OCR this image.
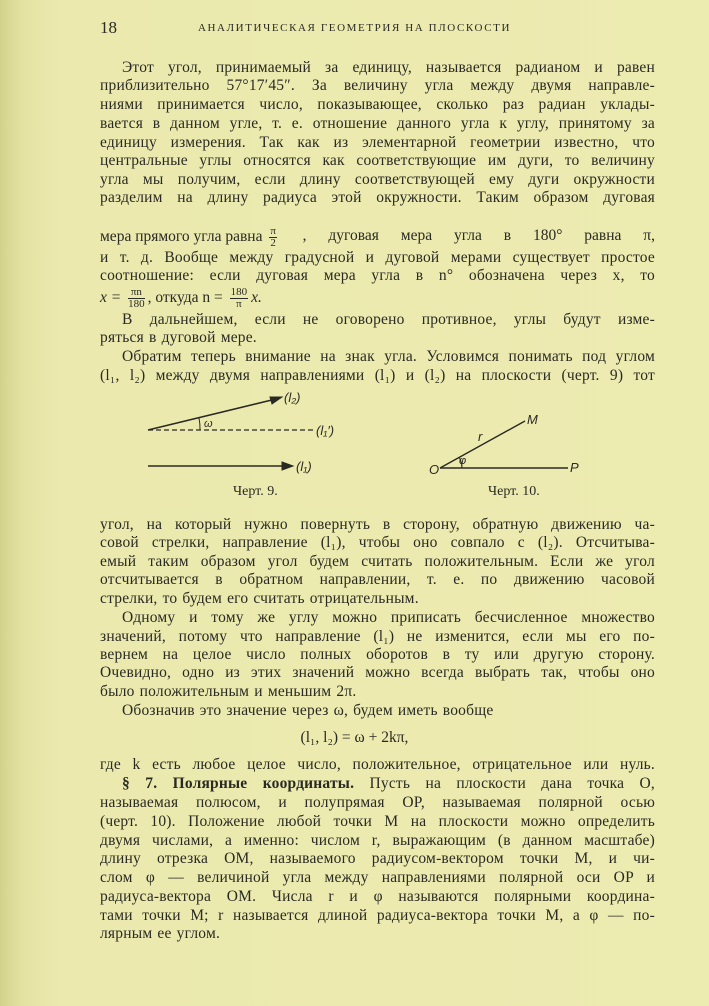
18	АНАЛИТИЧЕСКАЯ ГЕОМЕТРИЯ НА ПЛОСКОСТИ
Этот угол, принимаемый за единицу, называется радианом и равен
приблизительно 57°17′45″. За величину угла между двумя направле-
ниями принимается число, показывающее, сколько раз радиан уклады-
вается в данном угле, т. е. отношение данного угла к углу, принятому за
единицу измерения. Так как из элементарной геометрии известно, что
центральные углы относятся как соответствующие им дуги, то величину
угла мы получим, если длину соответствующей ему дуги окружности
разделим на длину радиуса этой окружности. Таким образом дуговая
и т. д. Вообще между градусной и дуговой мерами существует простое
соотношение: если дуговая мера угла в n° обозначена через x, то
В дальнейшем, если не оговорено противное, углы будут изме-
ряться в дуговой мере.
Обратим теперь внимание на знак угла. Условимся понимать под углом
(l₁, l₂) между двумя направлениями (l₁) и (l₂) на плоскости (черт. 9) тот
угол, на который нужно повернуть в сторону, обратную движению ча-
совой стрелки, направление (l₁), чтобы оно совпало с (l₂). Отсчитыва-
емый таким образом угол будем считать положительным. Если же угол
отсчитывается в обратном направлении, т. е. по движению часовой
стрелки, то будем его считать отрицательным.
Одному и тому же углу можно приписать бесчисленное множество
значений, потому что направление (l₁) не изменится, если мы его по-
вернем на целое число полных оборотов в ту или другую сторону.
Очевидно, одно из этих значений можно всегда выбрать так, чтобы оно
было положительным и меньшим 2π.
Обозначив это значение через ω, будем иметь вообще
где k есть любое целое число, положительное, отрицательное или нуль.
называемая полюсом, и полупрямая OP, называемая полярной осью
(черт. 10). Положение любой точки M на плоскости можно определить
двумя числами, а именно: числом r, выражающим (в данном масштабе)
длину отрезка OM, называемого радиусом-вектором точки M, и чи-
слом φ — величиной угла между направлениями полярной оси OP и
радиуса-вектора OM. Числа r и φ называются полярными координа-
тами точки M; r называется длиной радиуса-вектора точки M, а φ — по-
лярным ее углом.
мера прямого угла равна $\frac{\pi}{2}$ , дуговая мера угла в 180° равна π,
$x = \frac{\pi n}{180}$ , откуда $n = \frac{180}{\pi} x$.
(l₁, l₂) = ω + 2kπ,
§ 7. Полярные координаты. Пусть на плоскости дана точка O,
(l₂)
(l₁′)
(l₁)
ω
O	P
M
r
φ
Черт. 9.	Черт. 10.
